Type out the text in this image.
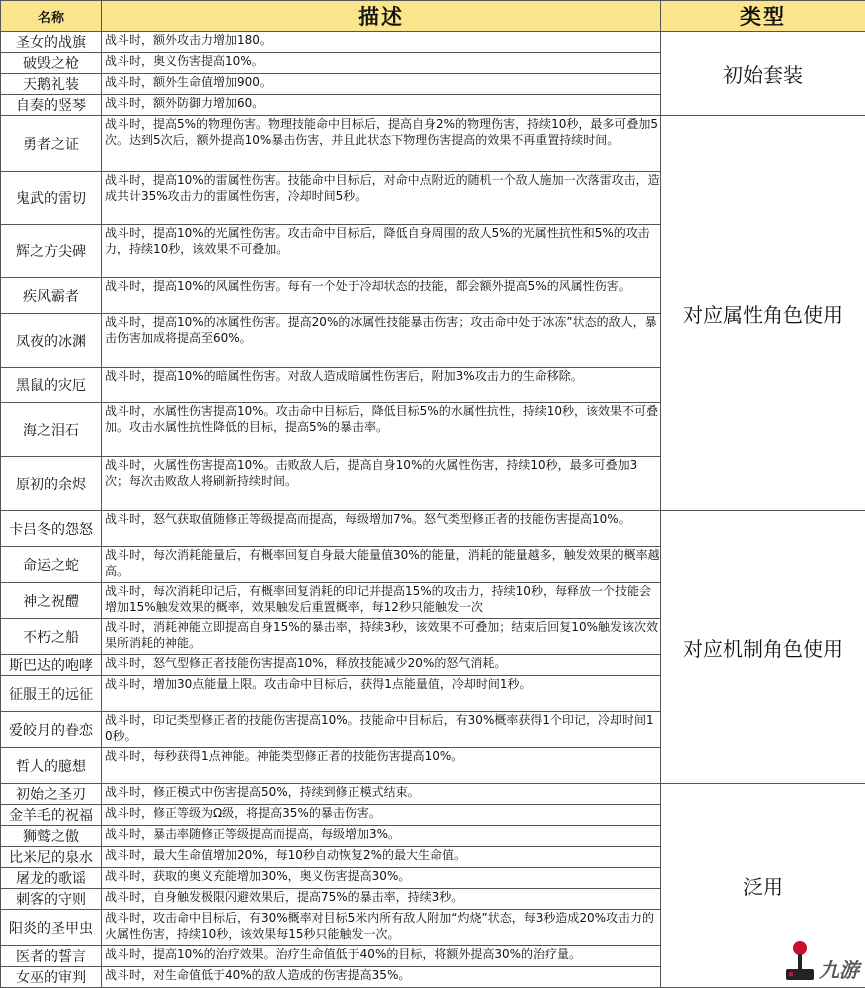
名称	描述	类型
圣女的战旗	战斗时，额外攻击力增加180。	初始套装
破毁之枪	战斗时，奥义伤害提高10%。	
天鹅礼装	战斗时，额外生命值增加900。	
自奏的竖琴	战斗时，额外防御力增加60。	
勇者之证	战斗时，提高5%的物理伤害。物理技能命中目标后，提高自身2%的物理伤害，持续10秒，最多可叠加5次。达到5次后，额外提高10%暴击伤害，并且此状态下物理伤害提高的效果不再重置持续时间。	对应属性角色使用
鬼武的雷切	战斗时，提高10%的雷属性伤害。技能命中目标后，对命中点附近的随机一个敌人施加一次落雷攻击，造成共计35%攻击力的雷属性伤害，冷却时间5秒。	
辉之方尖碑	战斗时，提高10%的光属性伤害。攻击命中目标后，降低自身周围的敌人5%的光属性抗性和5%的攻击力，持续10秒，该效果不可叠加。	
疾风霸者	战斗时，提高10%的风属性伤害。每有一个处于冷却状态的技能，都会额外提高5%的风属性伤害。	
凤夜的冰渊	战斗时，提高10%的冰属性伤害。提高20%的冰属性技能暴击伤害；攻击命中处于冰冻”状态的敌人，暴击伤害加成将提高至60%。	
黑鼠的灾厄	战斗时，提高10%的暗属性伤害。对敌人造成暗属性伤害后，附加3%攻击力的生命移除。	
海之泪石	战斗时，水属性伤害提高10%。攻击命中目标后，降低目标5%的水属性抗性，持续10秒，该效果不可叠加。攻击水属性抗性降低的目标，提高5%的暴击率。	
原初的余烬	战斗时，火属性伤害提高10%。击败敌人后，提高自身10%的火属性伤害，持续10秒，最多可叠加3次；每次击败敌人将刷新持续时间。	
卡吕冬的怨怒	战斗时，怒气获取值随修正等级提高而提高，每级增加7%。怒气类型修正者的技能伤害提高10%。	对应机制角色使用
命运之蛇	战斗时，每次消耗能量后，有概率回复自身最大能量值30%的能量，消耗的能量越多，触发效果的概率越高。	
神之祝醴	战斗时，每次消耗印记后，有概率回复消耗的印记并提高15%的攻击力，持续10秒，每释放一个技能会增加15%触发效果的概率，效果触发后重置概率，每12秒只能触发一次	
不朽之船	战斗时，消耗神能立即提高自身15%的暴击率，持续3秒，该效果不可叠加；结束后回复10%触发该次效果所消耗的神能。	
斯巴达的咆哮	战斗时，怒气型修正者技能伤害提高10%，释放技能减少20%的怒气消耗。	
征服王的远征	战斗时，增加30点能量上限。攻击命中目标后，获得1点能量值，冷却时间1秒。	
爱皎月的眷恋	战斗时，印记类型修正者的技能伤害提高10%。技能命中目标后，有30%概率获得1个印记，冷却时间10秒。	
哲人的臆想	战斗时，每秒获得1点神能。神能类型修正者的技能伤害提高10%。	
初始之圣刃	战斗时，修正模式中伤害提高50%，持续到修正模式结束。	泛用
九游

金羊毛的祝福	战斗时，修正等级为Ω级，将提高35%的暴击伤害。	
狮鹫之傲	战斗时，暴击率随修正等级提高而提高，每级增加3%。	
比米尼的泉水	战斗时，最大生命值增加20%，每10秒自动恢复2%的最大生命值。	
屠龙的歌谣	战斗时，获取的奥义充能增加30%，奥义伤害提高30%。	
刺客的守则	战斗时，自身触发极限闪避效果后，提高75%的暴击率，持续3秒。	
阳炎的圣甲虫	战斗时，攻击命中目标后，有30%概率对目标5米内所有敌人附加“灼烧”状态，每3秒造成20%攻击力的火属性伤害，持续10秒，该效果每15秒只能触发一次。	
医者的誓言	战斗时，提高10%的治疗效果。治疗生命值低于40%的目标，将额外提高30%的治疗量。	
女巫的审判	战斗时，对生命值低于40%的敌人造成的伤害提高35%。	
